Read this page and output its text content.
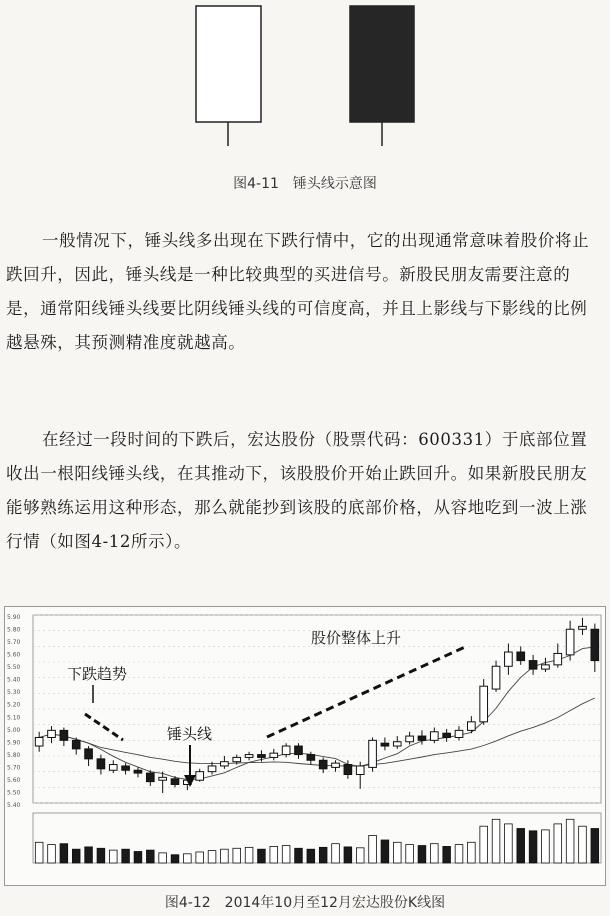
图4-11　锤头线示意图
一般情况下，锤头线多出现在下跌行情中，它的出现通常意味着股价将止跌回升，因此，锤头线是一种比较典型的买进信号。新股民朋友需要注意的是，通常阳线锤头线要比阴线锤头线的可信度高，并且上影线与下影线的比例越悬殊，其预测精准度就越高。
在经过一段时间的下跌后，宏达股份（股票代码：600331）于底部位置收出一根阳线锤头线，在其推动下，该股股价开始止跌回升。如果新股民朋友能够熟练运用这种形态，那么就能抄到该股的底部价格，从容地吃到一波上涨行情（如图4-12所示）。
5.90
5.80
5.70
5.60
5.50
5.40
5.30
5.20
5.10
5.00
5.90
5.80
5.70
5.60
5.50
5.40
下跌趋势
锤头线
股价整体上升
图4-12　2014年10月至12月宏达股份K线图
